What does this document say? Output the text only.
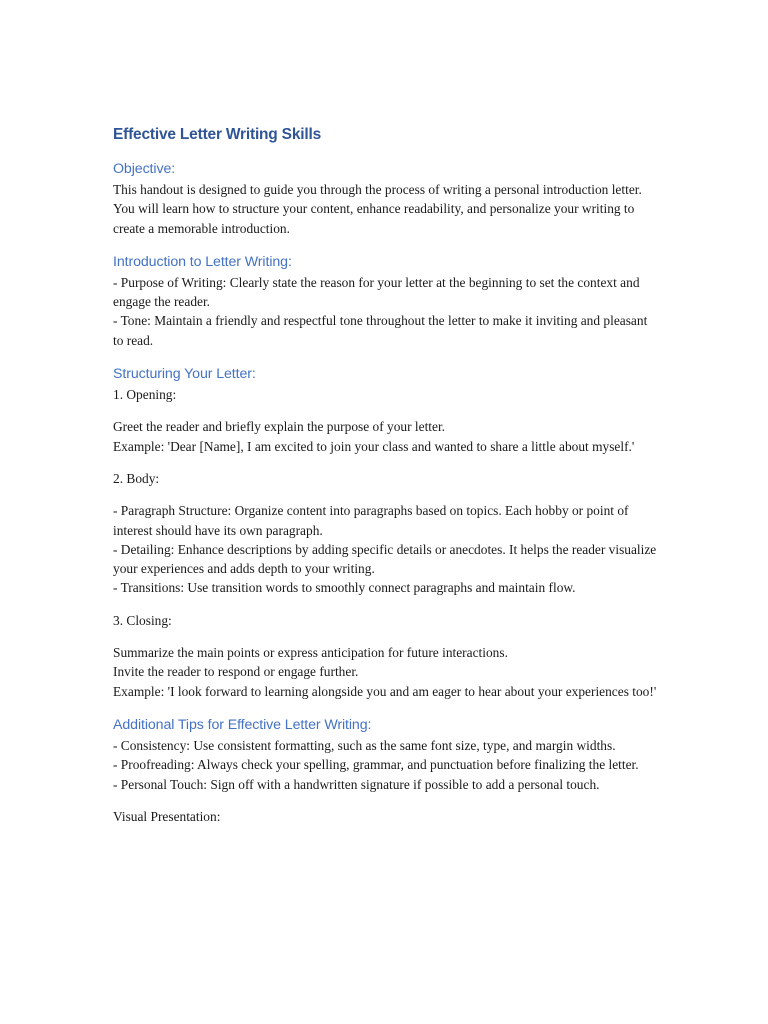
Effective Letter Writing Skills
Objective:
This handout is designed to guide you through the process of writing a personal introduction letter. You will learn how to structure your content, enhance readability, and personalize your writing to create a memorable introduction.
Introduction to Letter Writing:
- Purpose of Writing: Clearly state the reason for your letter at the beginning to set the context and engage the reader.
- Tone: Maintain a friendly and respectful tone throughout the letter to make it inviting and pleasant to read.
Structuring Your Letter:
1. Opening:
Greet the reader and briefly explain the purpose of your letter.
Example: 'Dear [Name], I am excited to join your class and wanted to share a little about myself.'
2. Body:
- Paragraph Structure: Organize content into paragraphs based on topics. Each hobby or point of interest should have its own paragraph.
- Detailing: Enhance descriptions by adding specific details or anecdotes. It helps the reader visualize your experiences and adds depth to your writing.
- Transitions: Use transition words to smoothly connect paragraphs and maintain flow.
3. Closing:
Summarize the main points or express anticipation for future interactions.
Invite the reader to respond or engage further.
Example: 'I look forward to learning alongside you and am eager to hear about your experiences too!'
Additional Tips for Effective Letter Writing:
- Consistency: Use consistent formatting, such as the same font size, type, and margin widths.
- Proofreading: Always check your spelling, grammar, and punctuation before finalizing the letter.
- Personal Touch: Sign off with a handwritten signature if possible to add a personal touch.
Visual Presentation:
